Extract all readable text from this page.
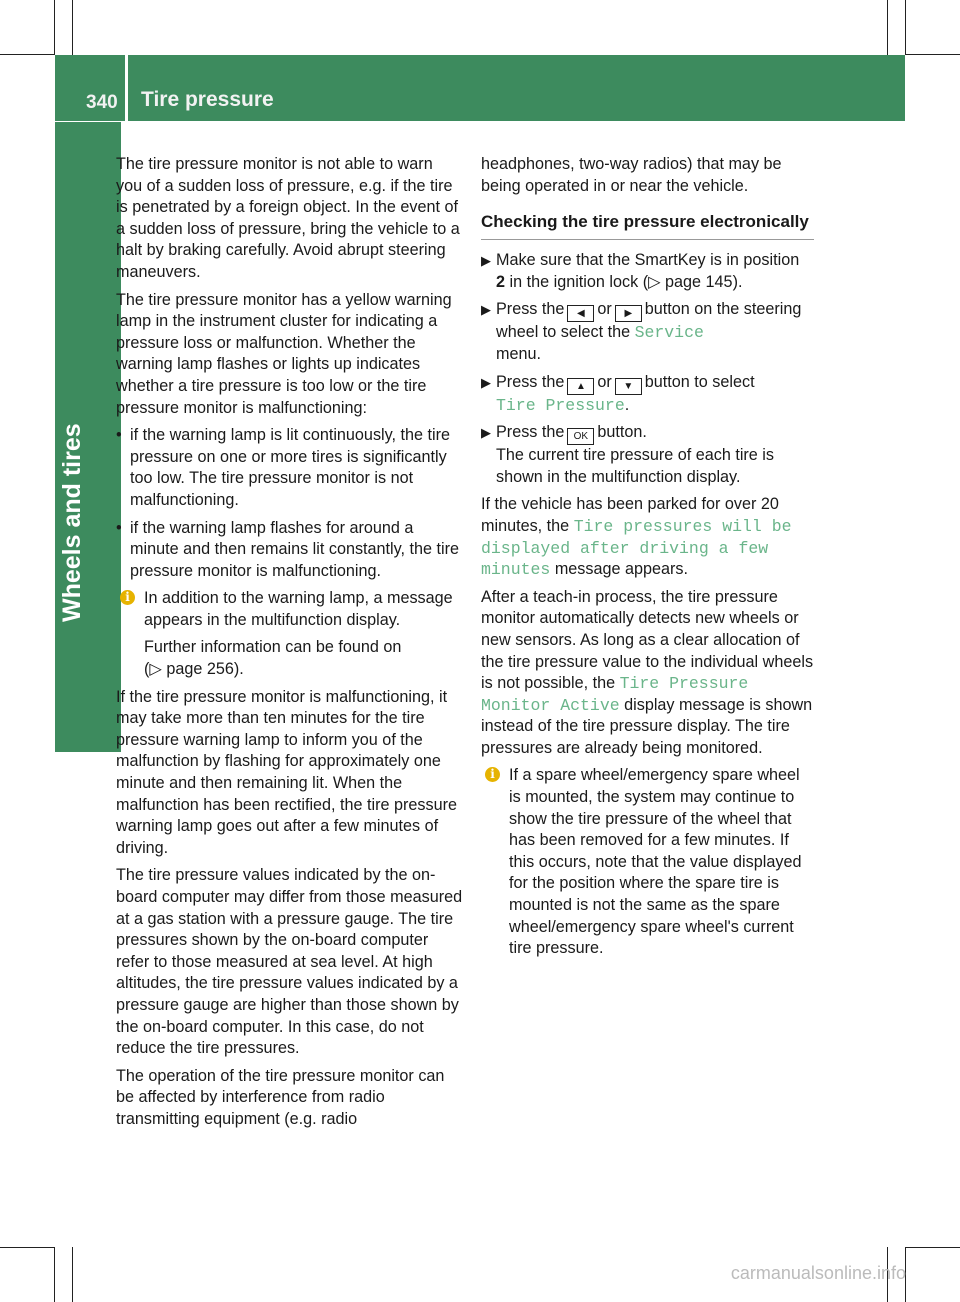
340 Tire pressure
Wheels and tires

The tire pressure monitor is not able to warn you of a sudden loss of pressure, e.g. if the tire is penetrated by a foreign object. In the event of a sudden loss of pressure, bring the vehicle to a halt by braking carefully. Avoid abrupt steering maneuvers.

The tire pressure monitor has a yellow warning lamp in the instrument cluster for indicating a pressure loss or malfunction. Whether the warning lamp flashes or lights up indicates whether a tire pressure is too low or the tire pressure monitor is malfunctioning:

• if the warning lamp is lit continuously, the tire pressure on one or more tires is significantly too low. The tire pressure monitor is not malfunctioning.
• if the warning lamp flashes for around a minute and then remains lit constantly, the tire pressure monitor is malfunctioning.
i In addition to the warning lamp, a message appears in the multifunction display.
Further information can be found on
(▷ page 256).

If the tire pressure monitor is malfunctioning, it may take more than ten minutes for the tire pressure warning lamp to inform you of the malfunction by flashing for approximately one minute and then remaining lit. When the malfunction has been rectified, the tire pressure warning lamp goes out after a few minutes of driving.

The tire pressure values indicated by the on-board computer may differ from those measured at a gas station with a pressure gauge. The tire pressures shown by the on-board computer refer to those measured at sea level. At high altitudes, the tire pressure values indicated by a pressure gauge are higher than those shown by the on-board computer. In this case, do not reduce the tire pressures.

The operation of the tire pressure monitor can be affected by interference from radio transmitting equipment (e.g. radio

headphones, two-way radios) that may be being operated in or near the vehicle.

Checking the tire pressure electronically
▶ Make sure that the SmartKey is in position
2 in the ignition lock (▷ page 145).
▶ Press the ◀ or ▶ button on the steering wheel to select the Service
menu.
▶ Press the ▲ or ▼ button to select
Tire Pressure.
▶ Press the OK button.
The current tire pressure of each tire is shown in the multifunction display.

If the vehicle has been parked for over 20 minutes, the Tire pressures will be displayed after driving a few minutes message appears.

After a teach-in process, the tire pressure monitor automatically detects new wheels or new sensors. As long as a clear allocation of the tire pressure value to the individual wheels is not possible, the Tire Pressure Monitor Active display message is shown instead of the tire pressure display. The tire pressures are already being monitored.

i If a spare wheel/emergency spare wheel is mounted, the system may continue to show the tire pressure of the wheel that has been removed for a few minutes. If this occurs, note that the value displayed for the position where the spare tire is mounted is not the same as the spare wheel/emergency spare wheel's current tire pressure.
carmanualsonline.info
